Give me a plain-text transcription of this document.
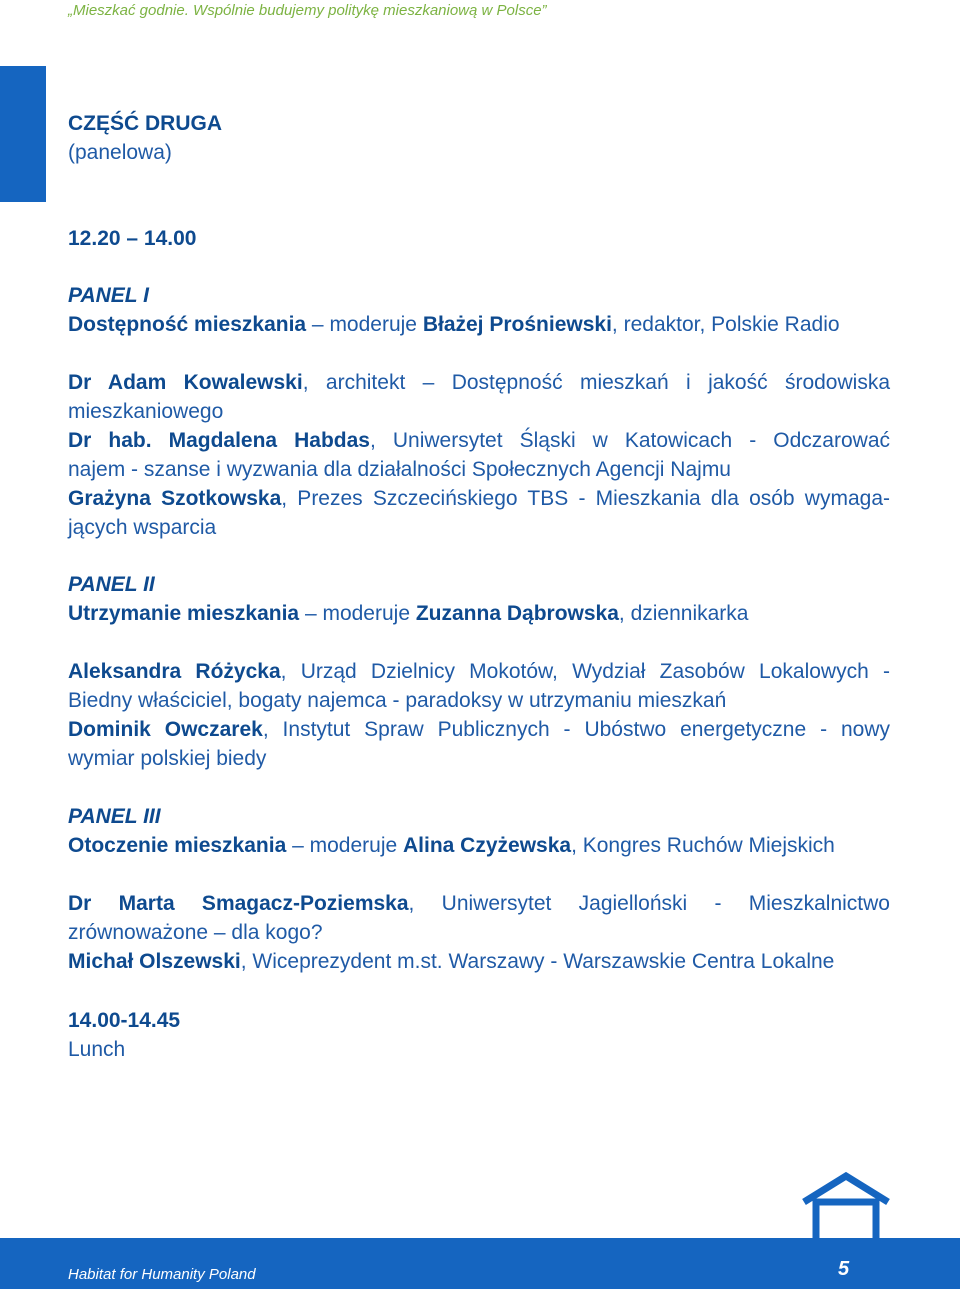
„Mieszkać godnie. Wspólnie budujemy politykę mieszkaniową w Polsce”
CZĘŚĆ DRUGA
(panelowa)
12.20 – 14.00
PANEL I
Dostępność mieszkania – moderuje Błażej Prośniewski, redaktor, Polskie Radio
Dr Adam Kowalewski, architekt – Dostępność mieszkań i jakość środowiska
mieszkaniowego
Dr hab. Magdalena Habdas, Uniwersytet Śląski w Katowicach - Odczarować
najem - szanse i wyzwania dla działalności Społecznych Agencji Najmu
Grażyna Szotkowska, Prezes Szczecińskiego TBS - Mieszkania dla osób wymaga-
jących wsparcia
PANEL II
Utrzymanie mieszkania – moderuje Zuzanna Dąbrowska, dziennikarka
Aleksandra Różycka, Urząd Dzielnicy Mokotów, Wydział Zasobów Lokalowych -
Biedny właściciel, bogaty najemca - paradoksy w utrzymaniu mieszkań
Dominik Owczarek, Instytut Spraw Publicznych - Ubóstwo energetyczne - nowy
wymiar polskiej biedy
PANEL III
Otoczenie mieszkania – moderuje Alina Czyżewska, Kongres Ruchów Miejskich
Dr Marta Smagacz-Poziemska, Uniwersytet Jagielloński - Mieszkalnictwo
zrównoważone – dla kogo?
Michał Olszewski, Wiceprezydent m.st. Warszawy - Warszawskie Centra Lokalne
14.00-14.45
Lunch
Habitat for Humanity Poland	5
